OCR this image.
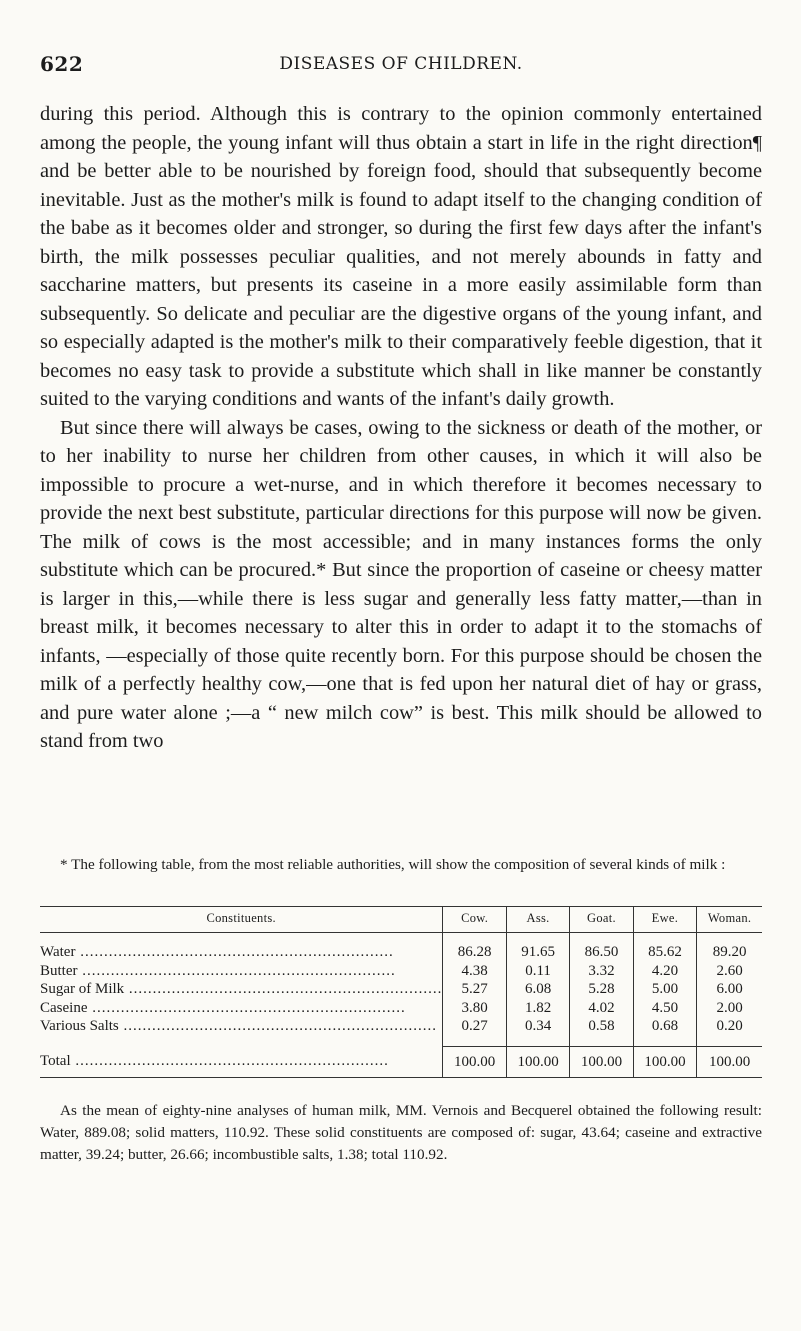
622	DISEASES OF CHILDREN.

during this period. Although this is contrary to the opinion commonly entertained among the people, the young infant will thus obtain a start in life in the right direction¶ and be better able to be nourished by foreign food, should that subsequently become inevitable. Just as the mother's milk is found to adapt itself to the changing condition of the babe as it becomes older and stronger, so during the first few days after the infant's birth, the milk possesses peculiar qualities, and not merely abounds in fatty and saccharine matters, but presents its caseine in a more easily assimilable form than subsequently. So delicate and peculiar are the digestive organs of the young infant, and so especially adapted is the mother's milk to their comparatively feeble digestion, that it becomes no easy task to provide a substitute which shall in like manner be constantly suited to the varying conditions and wants of the infant's daily growth.

But since there will always be cases, owing to the sickness or death of the mother, or to her inability to nurse her children from other causes, in which it will also be impossible to procure a wet-nurse, and in which therefore it becomes necessary to provide the next best substitute, particular directions for this purpose will now be given. The milk of cows is the most accessible; and in many instances forms the only substitute which can be procured.* But since the proportion of caseine or cheesy matter is larger in this,—while there is less sugar and generally less fatty matter,—than in breast milk, it becomes necessary to alter this in order to adapt it to the stomachs of infants, —especially of those quite recently born. For this purpose should be chosen the milk of a perfectly healthy cow,—one that is fed upon her natural diet of hay or grass, and pure water alone ;—a “ new milch cow” is best. This milk should be allowed to stand from two

* The following table, from the most reliable authorities, will show the composition of several kinds of milk :

Constituents.	Cow.	Ass.	Goat.	Ewe.	Woman.
Water .....	86.28	91.65	86.50	85.62	89.20
Butter .....	4.38	0.11	3.32	4.20	2.60
Sugar of Milk .....	5.27	6.08	5.28	5.00	6.00
Caseine .....	3.80	1.82	4.02	4.50	2.00
Various Salts .....	0.27	0.34	0.58	0.68	0.20
Total .....	100.00	100.00	100.00	100.00	100.00

As the mean of eighty-nine analyses of human milk, MM. Vernois and Becquerel obtained the following result: Water, 889.08; solid matters, 110.92. These solid constituents are composed of: sugar, 43.64; caseine and extractive matter, 39.24; butter, 26.66; incombustible salts, 1.38; total 110.92.
